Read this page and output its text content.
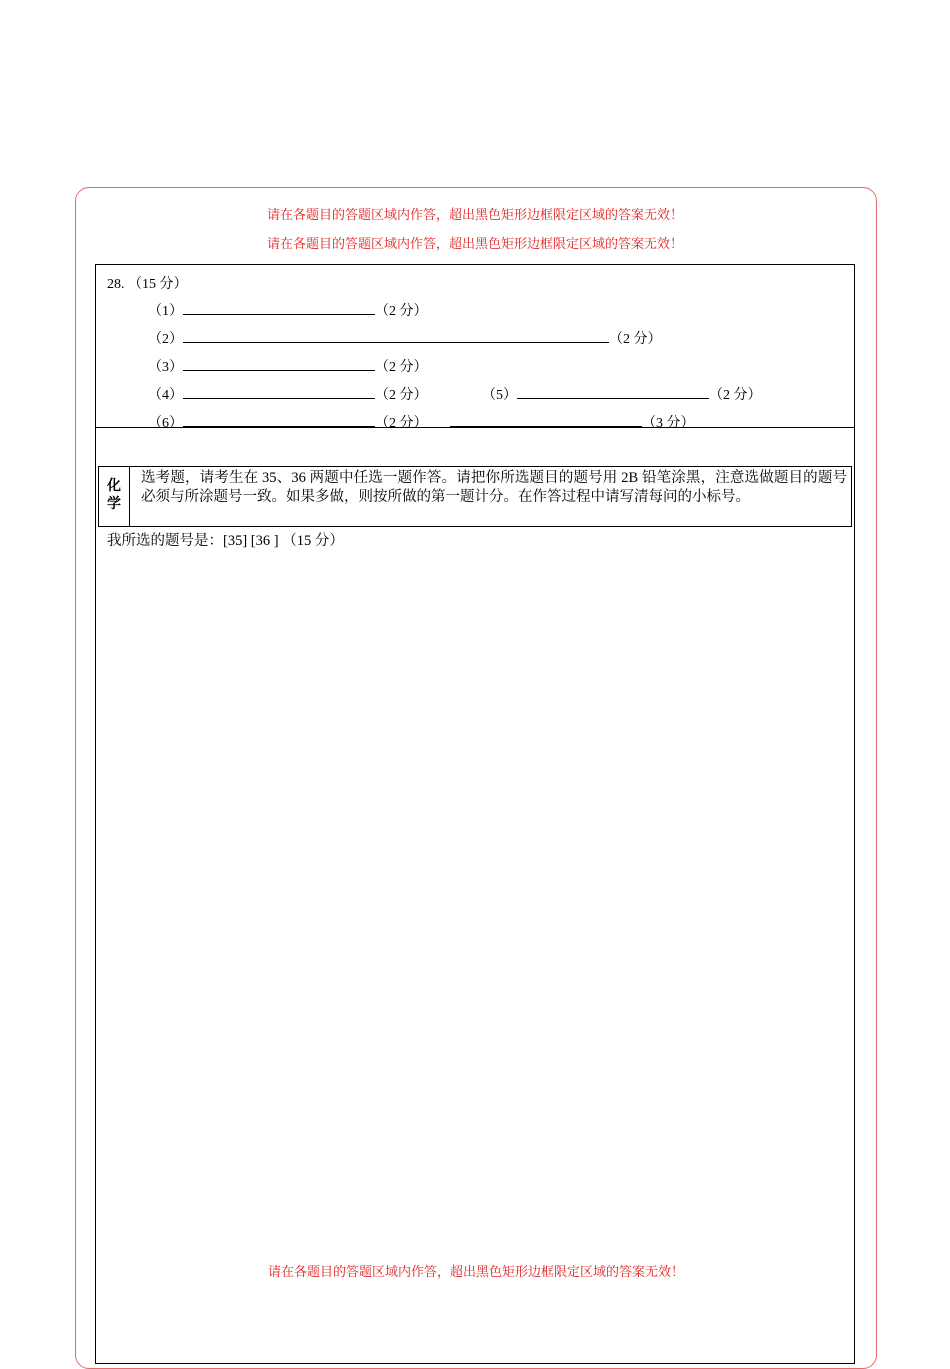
请在各题目的答题区域内作答，超出黑色矩形边框限定区域的答案无效！
请在各题目的答题区域内作答，超出黑色矩形边框限定区域的答案无效！
28. （15 分）
（1）	（2 分）
（2）	（2 分）
（3）	（2 分）
（4）	（2 分）	（5）	（2 分）
（6）	（2 分）	（3 分）
化
学
选考题，请考生在 35、36 两题中任选一题作答。请把你所选题目的题号用 2B 铅笔涂黑，注意选做题目的题号必须与所涂题号一致。如果多做，则按所做的第一题计分。在作答过程中请写清每问的小标号。
我所选的题号是：[35] [36 ] （15 分）
请在各题目的答题区域内作答，超出黑色矩形边框限定区域的答案无效！
